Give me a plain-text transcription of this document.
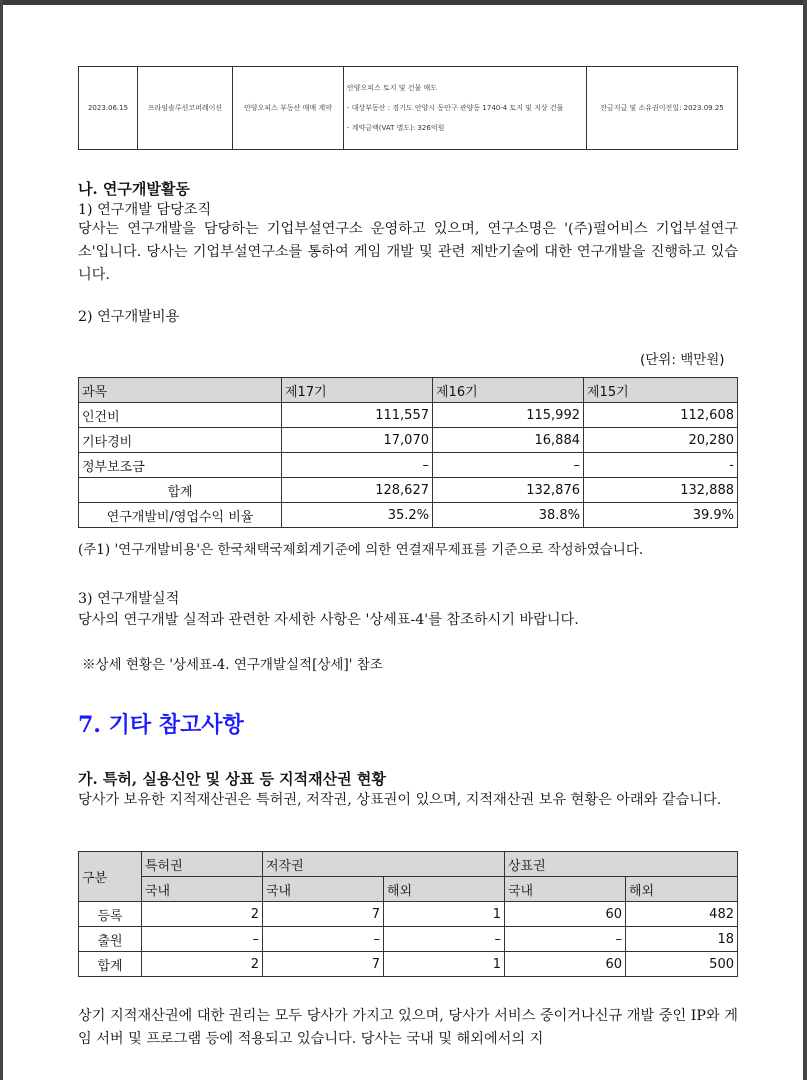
2023.06.15	프라임솔루션코퍼레이션	안양오피스 부동산 매매 계약	
안양오피스 토지 및 건물 매도
- 대상부동산 : 경기도 안양시 동안구 관양동 1740-4 토지 및 지상 건물
- 계약금액(VAT 별도): 326억원
	잔금지급 및 소유권이전일: 2023.09.25
나. 연구개발활동
1) 연구개발 담당조직
당사는 연구개발을 담당하는 기업부설연구소 운영하고 있으며, 연구소명은 '(주)펄어비스 기업부설연구소'입니다. 당사는 기업부설연구소를 통하여 게임 개발 및 관련 제반기술에 대한 연구개발을 진행하고 있습니다.
2) 연구개발비용
(단위: 백만원)
과목	제17기	제16기	제15기
인건비	111,557	115,992	112,608
기타경비	17,070	16,884	20,280
정부보조금	–	–	-
합계	128,627	132,876	132,888
연구개발비/영업수익 비율	35.2%	38.8%	39.9%
(주1) '연구개발비용'은 한국채택국제회계기준에 의한 연결재무제표를 기준으로 작성하였습니다.
3) 연구개발실적
당사의 연구개발 실적과 관련한 자세한 사항은 '상세표-4'를 참조하시기 바랍니다.
※상세 현황은 '상세표-4. 연구개발실적[상세]' 참조
7. 기타 참고사항
가. 특허, 실용신안 및 상표 등 지적재산권 현황
당사가 보유한 지적재산권은 특허권, 저작권, 상표권이 있으며, 지적재산권 보유 현황은 아래와 같습니다.
구분	특허권	저작권		상표권	
	국내	국내	해외	국내	해외
등록	2	7	1	60	482
출원	–	–	–	–	18
합계	2	7	1	60	500
상기 지적재산권에 대한 권리는 모두 당사가 가지고 있으며, 당사가 서비스 중이거나신규 개발 중인 IP와 게임 서버 및 프로그램 등에 적용되고 있습니다. 당사는 국내 및 해외에서의 지
